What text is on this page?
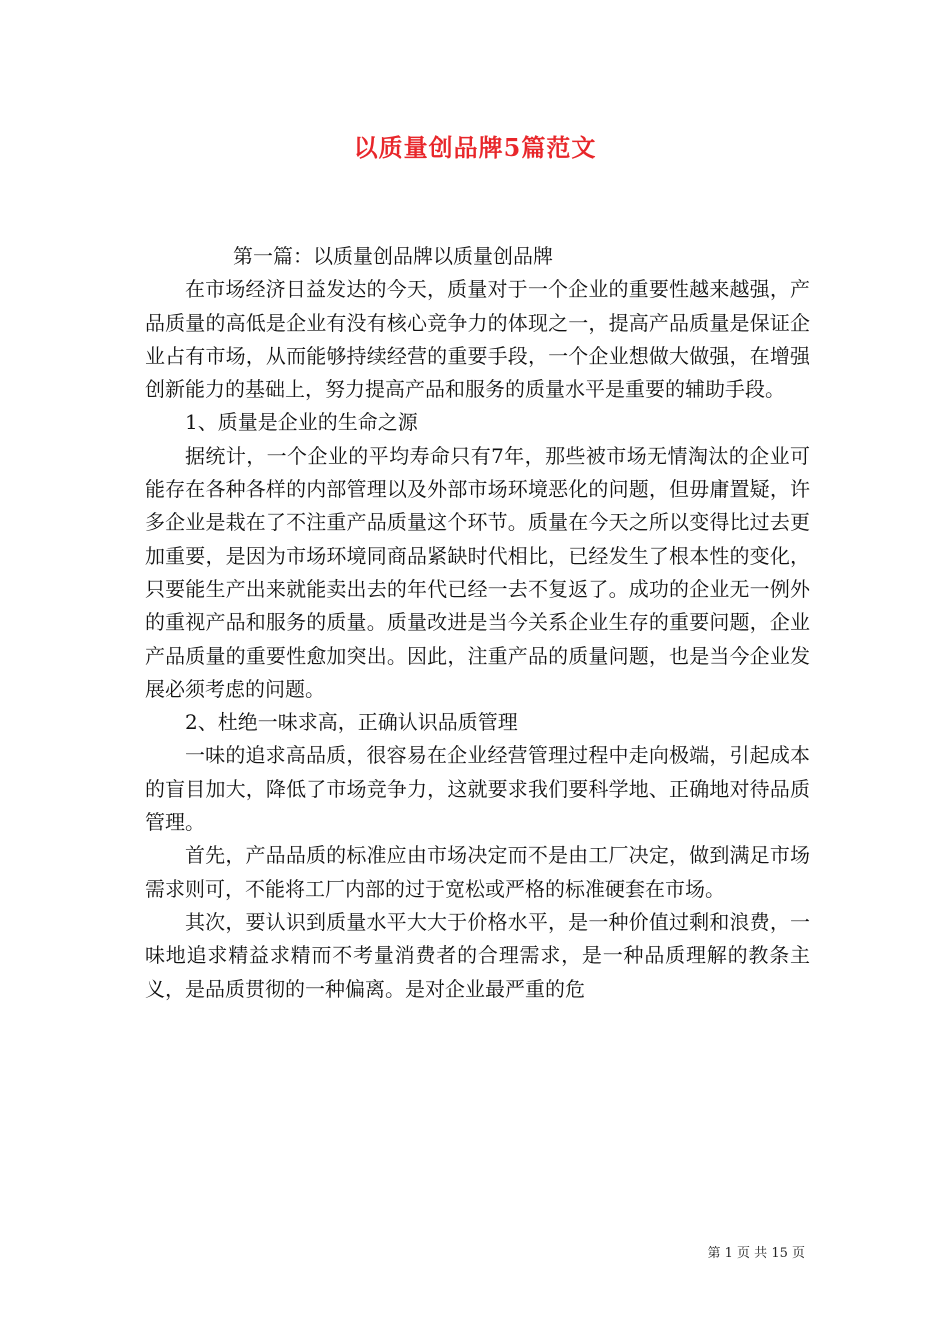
以质量创品牌5篇范文

第一篇：以质量创品牌以质量创品牌

在市场经济日益发达的今天，质量对于一个企业的重要性越来越强，产品质量的高低是企业有没有核心竞争力的体现之一，提高产品质量是保证企业占有市场，从而能够持续经营的重要手段，一个企业想做大做强，在增强创新能力的基础上，努力提高产品和服务的质量水平是重要的辅助手段。

1、质量是企业的生命之源

据统计，一个企业的平均寿命只有7年，那些被市场无情淘汰的企业可能存在各种各样的内部管理以及外部市场环境恶化的问题，但毋庸置疑，许多企业是栽在了不注重产品质量这个环节。质量在今天之所以变得比过去更加重要，是因为市场环境同商品紧缺时代相比，已经发生了根本性的变化，只要能生产出来就能卖出去的年代已经一去不复返了。成功的企业无一例外的重视产品和服务的质量。质量改进是当今关系企业生存的重要问题，企业产品质量的重要性愈加突出。因此，注重产品的质量问题，也是当今企业发展必须考虑的问题。

2、杜绝一味求高，正确认识品质管理

一味的追求高品质，很容易在企业经营管理过程中走向极端，引起成本的盲目加大，降低了市场竞争力，这就要求我们要科学地、正确地对待品质管理。

首先，产品品质的标准应由市场决定而不是由工厂决定，做到满足市场需求则可，不能将工厂内部的过于宽松或严格的标准硬套在市场。

其次，要认识到质量水平大大于价格水平，是一种价值过剩和浪费，一味地追求精益求精而不考量消费者的合理需求，是一种品质理解的教条主义，是品质贯彻的一种偏离。是对企业最严重的危

第 1 页 共 15 页
